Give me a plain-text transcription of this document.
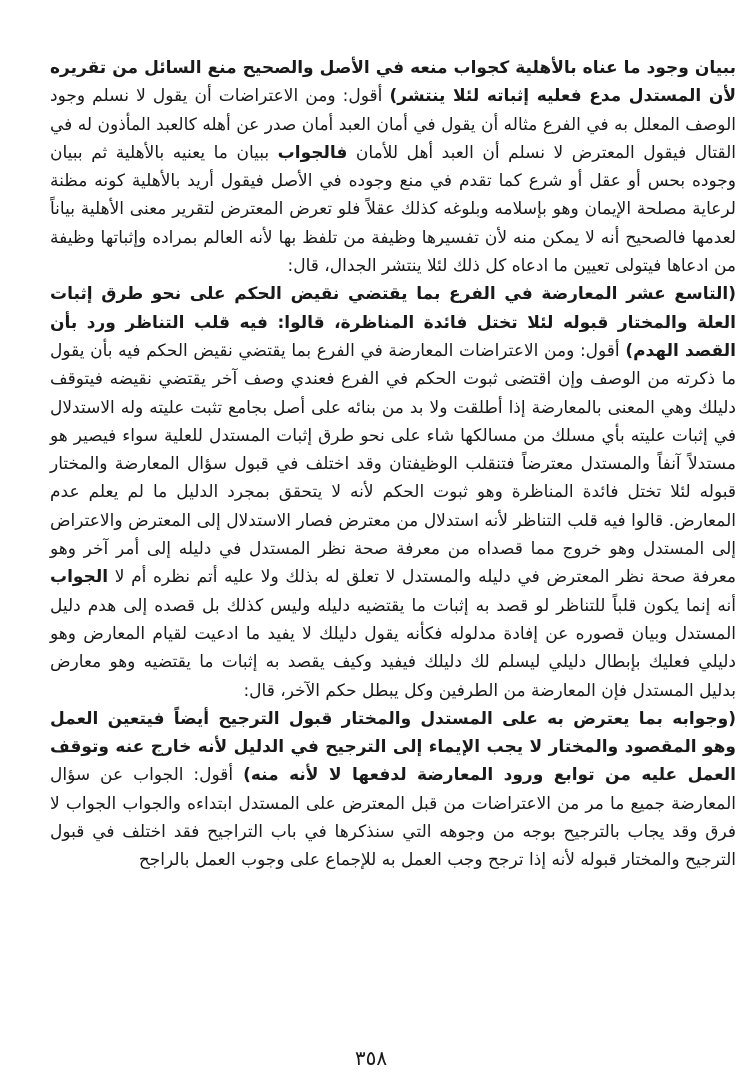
ببيان وجود ما عناه بالأهلية كجواب منعه في الأصل والصحيح منع السائل من تقريره لأن المستدل مدع فعليه إثباته لئلا ينتشر) أقول: ومن الاعتراضات أن يقول لا نسلم وجود الوصف المعلل به في الفرع مثاله أن يقول في أمان العبد أمان صدر عن أهله كالعبد المأذون له في القتال فيقول المعترض لا نسلم أن العبد أهل للأمان فالجواب ببيان ما يعنيه بالأهلية ثم ببيان وجوده بحس أو عقل أو شرع كما تقدم في منع وجوده في الأصل فيقول أريد بالأهلية كونه مظنة لرعاية مصلحة الإيمان وهو بإسلامه وبلوغه كذلك عقلاً فلو تعرض المعترض لتقرير معنى الأهلية بياناً لعدمها فالصحيح أنه لا يمكن منه لأن تفسيرها وظيفة من تلفظ بها لأنه العالم بمراده وإثباتها وظيفة من ادعاها فيتولى تعيين ما ادعاه كل ذلك لئلا ينتشر الجدال، قال:

(التاسع عشر المعارضة في الفرع بما يقتضي نقيض الحكم على نحو طرق إثبات العلة والمختار قبوله لئلا تختل فائدة المناظرة، قالوا: فيه قلب التناظر ورد بأن القصد الهدم) أقول: ومن الاعتراضات المعارضة في الفرع بما يقتضي نقيض الحكم فيه بأن يقول ما ذكرته من الوصف وإن اقتضى ثبوت الحكم في الفرع فعندي وصف آخر يقتضي نقيضه فيتوقف دليلك وهي المعنى بالمعارضة إذا أطلقت ولا بد من بنائه على أصل بجامع تثبت عليته وله الاستدلال في إثبات عليته بأي مسلك من مسالكها شاء على نحو طرق إثبات المستدل للعلية سواء فيصير هو مستدلاً آنفاً والمستدل معترضاً فتنقلب الوظيفتان وقد اختلف في قبول سؤال المعارضة والمختار قبوله لئلا تختل فائدة المناظرة وهو ثبوت الحكم لأنه لا يتحقق بمجرد الدليل ما لم يعلم عدم المعارض. قالوا فيه قلب التناظر لأنه استدلال من معترض فصار الاستدلال إلى المعترض والاعتراض إلى المستدل وهو خروج مما قصداه من معرفة صحة نظر المستدل في دليله إلى أمر آخر وهو معرفة صحة نظر المعترض في دليله والمستدل لا تعلق له بذلك ولا عليه أتم نظره أم لا الجواب أنه إنما يكون قلباً للتناظر لو قصد به إثبات ما يقتضيه دليله وليس كذلك بل قصده إلى هدم دليل المستدل وبيان قصوره عن إفادة مدلوله فكأنه يقول دليلك لا يفيد ما ادعيت لقيام المعارض وهو دليلي فعليك بإبطال دليلي ليسلم لك دليلك فيفيد وكيف يقصد به إثبات ما يقتضيه وهو معارض بدليل المستدل فإن المعارضة من الطرفين وكل يبطل حكم الآخر، قال:

(وجوابه بما يعترض به على المستدل والمختار قبول الترجيح أيضاً فيتعين العمل وهو المقصود والمختار لا يجب الإيماء إلى الترجيح في الدليل لأنه خارج عنه وتوقف العمل عليه من توابع ورود المعارضة لدفعها لا لأنه منه) أقول: الجواب عن سؤال المعارضة جميع ما مر من الاعتراضات من قبل المعترض على المستدل ابتداءه والجواب الجواب لا فرق وقد يجاب بالترجيح بوجه من وجوهه التي سنذكرها في باب التراجيح فقد اختلف في قبول الترجيح والمختار قبوله لأنه إذا ترجح وجب العمل به للإجماع على وجوب العمل بالراجح

٣٥٨
